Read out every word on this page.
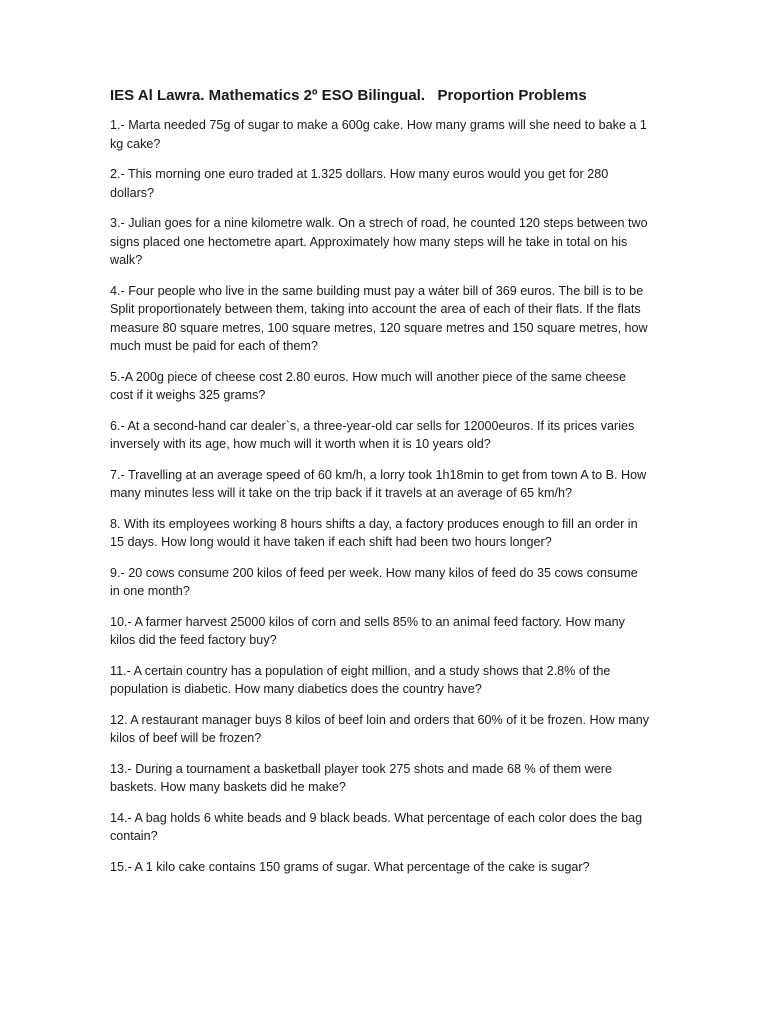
IES Al Lawra. Mathematics 2º ESO Bilingual.   Proportion Problems
1.- Marta needed 75g of sugar to make a 600g cake. How many grams will she need to bake a 1 kg cake?
2.- This morning one euro traded at 1.325 dollars. How many euros would you get for 280 dollars?
3.- Julian goes for a nine kilometre walk. On a strech of road, he counted 120 steps between two signs placed one hectometre apart. Approximately how many steps will he take in total on his walk?
4.- Four people who live in the same building must pay a wáter bill of 369 euros. The bill is to be Split proportionately between them, taking into account the area of each of their flats. If the flats measure 80 square metres, 100 square metres, 120 square metres and 150 square metres, how much must be paid for each of them?
5.-A 200g piece of cheese cost 2.80 euros. How much will another piece of the same cheese cost if it weighs 325 grams?
6.- At a second-hand car dealer`s, a three-year-old car sells for 12000euros. If its prices varies inversely with its age, how much will it worth when it is 10 years old?
7.- Travelling at an average speed of 60 km/h, a lorry took 1h18min to get from town A to B. How many minutes less will it take on the trip back if it travels at an average of 65 km/h?
8. With its employees working 8 hours shifts a day, a factory produces enough to fill an order in 15 days. How long would it have taken if each shift had been two hours longer?
9.- 20 cows consume 200 kilos of feed per week. How many kilos of feed do 35 cows consume in one month?
10.- A farmer harvest 25000 kilos of corn and sells 85% to an animal feed factory. How many kilos did the feed factory buy?
11.- A certain country has a population of eight million, and a study shows that 2.8% of the population is diabetic. How many diabetics does the country have?
12. A restaurant manager buys 8 kilos of beef loin and orders that 60% of it be frozen. How many kilos of beef will be frozen?
13.- During a tournament a basketball player took 275 shots and made 68 % of them were baskets. How many baskets did he make?
14.- A bag holds 6 white beads and 9 black beads. What percentage of each color does the bag contain?
15.- A 1 kilo cake contains 150 grams of sugar. What percentage of the cake is sugar?
